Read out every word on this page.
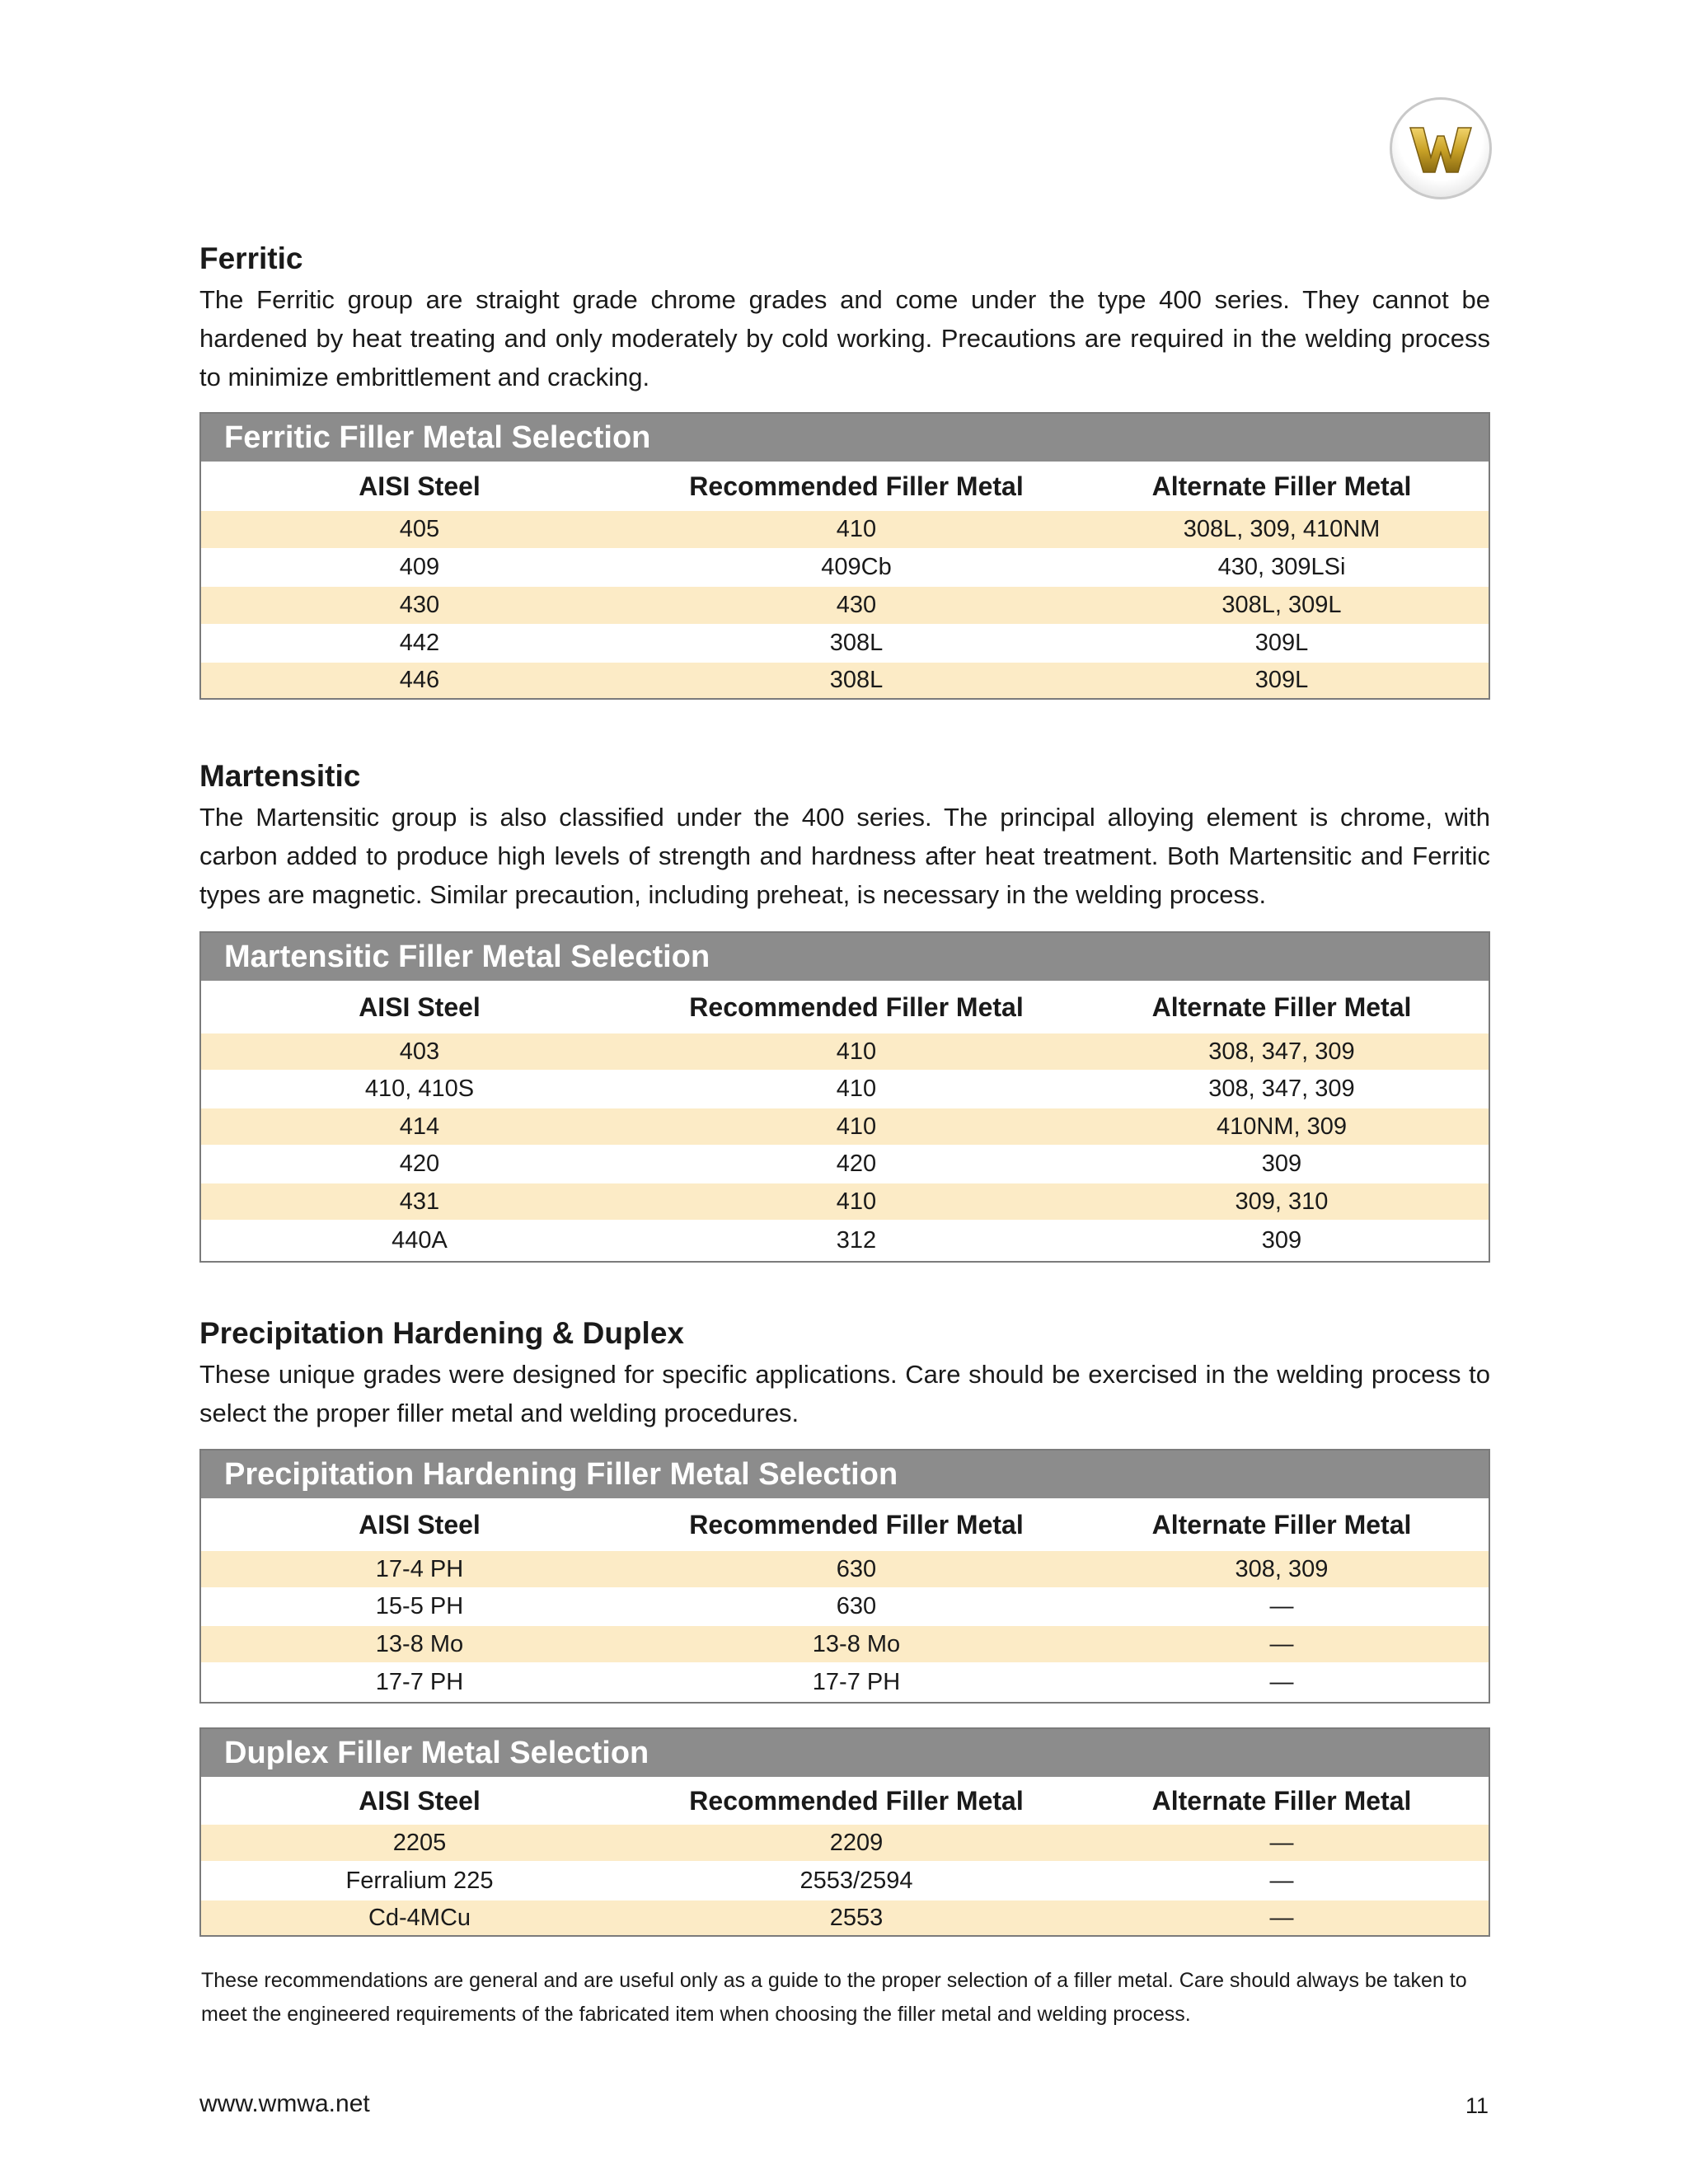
Ferritic

The Ferritic group are straight grade chrome grades and come under the type 400 series. They cannot be hardened by heat treating and only moderately by cold working. Precautions are required in the welding process to minimize embrittlement and cracking.

Ferritic Filler Metal Selection
AISI Steel	Recommended Filler Metal	Alternate Filler Metal
405	410	308L, 309, 410NM
409	409Cb	430, 309LSi
430	430	308L, 309L
442	308L	309L
446	308L	309L
Martensitic

The Martensitic group is also classified under the 400 series. The principal alloying element is chrome, with carbon added to produce high levels of strength and hardness after heat treatment. Both Martensitic and Ferritic types are magnetic. Similar precaution, including preheat, is necessary in the welding process.

Martensitic Filler Metal Selection
AISI Steel	Recommended Filler Metal	Alternate Filler Metal
403	410	308, 347, 309
410, 410S	410	308, 347, 309
414	410	410NM, 309
420	420	309
431	410	309, 310
440A	312	309
Precipitation Hardening & Duplex

These unique grades were designed for specific applications. Care should be exercised in the welding process to select the proper filler metal and welding procedures.

Precipitation Hardening Filler Metal Selection
AISI Steel	Recommended Filler Metal	Alternate Filler Metal
17-4 PH	630	308, 309
15-5 PH	630	—
13-8 Mo	13-8 Mo	—
17-7 PH	17-7 PH	—
Duplex Filler Metal Selection
AISI Steel	Recommended Filler Metal	Alternate Filler Metal
2205	2209	—
Ferralium 225	2553/2594	—
Cd-4MCu	2553	—

These recommendations are general and are useful only as a guide to the proper selection of a filler metal. Care should always be taken to meet the engineered requirements of the fabricated item when choosing the filler metal and welding process.

www.wmwa.net	11
